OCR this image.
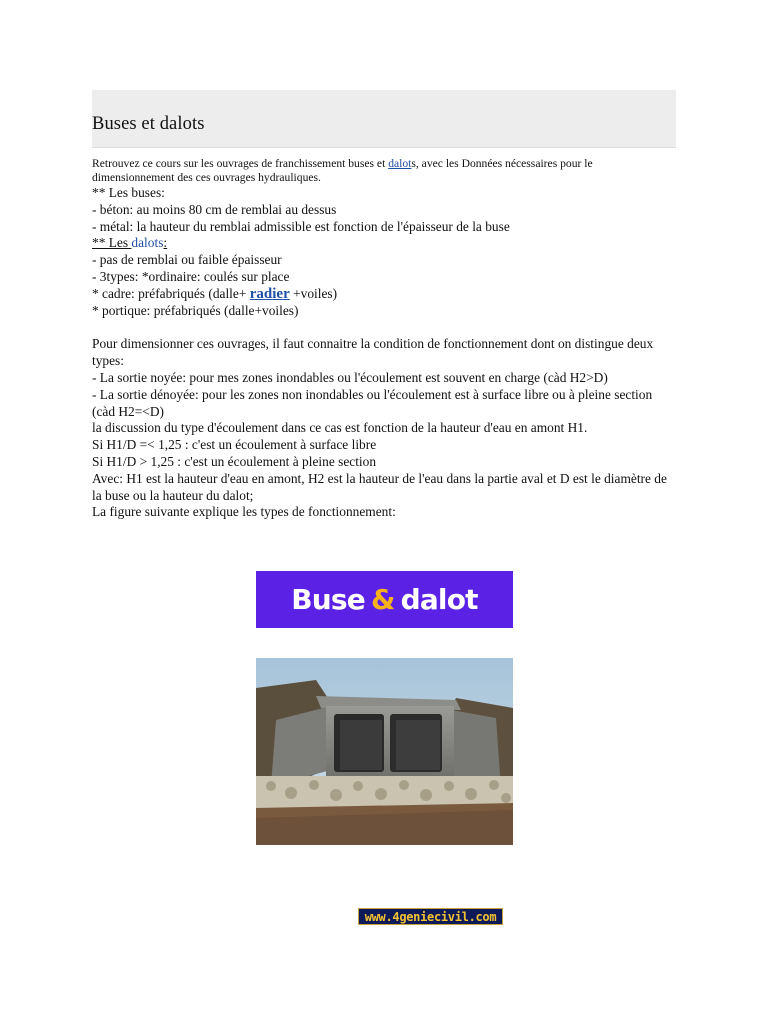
Buses et dalots
Retrouvez ce cours sur les ouvrages de franchissement buses et dalots, avec les Données nécessaires pour le dimensionnement des ces ouvrages hydrauliques.
** Les buses:
- béton: au moins 80 cm de remblai au dessus
- métal: la hauteur du remblai admissible est fonction de l'épaisseur de la buse
** Les dalots:
- pas de remblai ou faible épaisseur
- 3types: *ordinaire: coulés sur place
* cadre: préfabriqués (dalle+ radier +voiles)
* portique: préfabriqués (dalle+voiles)
Pour dimensionner ces ouvrages, il faut connaitre la condition de fonctionnement dont on distingue deux types:
- La sortie noyée: pour mes zones inondables ou l'écoulement est souvent en charge (càd H2>D)
- La sortie dénoyée: pour les zones non inondables ou l'écoulement est à surface libre ou à pleine section (càd H2=<D)
la discussion du type d'écoulement dans ce cas est fonction de la hauteur d'eau en amont H1.
Si H1/D =< 1,25 : c'est un écoulement à surface libre
Si H1/D > 1,25 : c'est un écoulement à pleine section
Avec: H1 est la hauteur d'eau en amont, H2 est la hauteur de l'eau dans la partie aval et D est le diamètre de la buse ou la hauteur du dalot;
La figure suivante explique les types de fonctionnement:
Buse & dalot
www.4geniecivil.com
